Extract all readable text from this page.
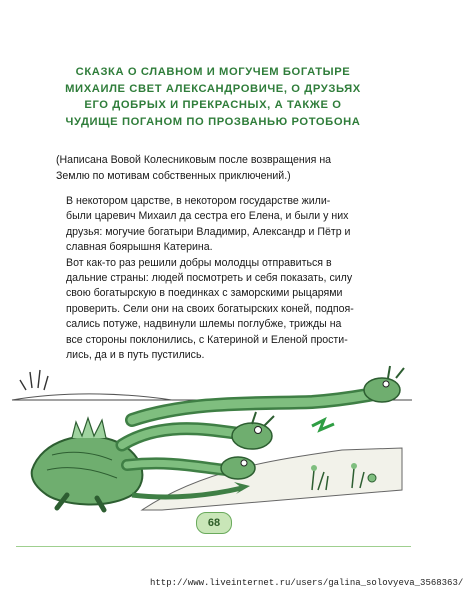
СКАЗКА О СЛАВНОМ И МОГУЧЕМ БОГАТЫРЕ
МИХАИЛЕ СВЕТ АЛЕКСАНДРОВИЧЕ, О ДРУЗЬЯХ
ЕГО ДОБРЫХ И ПРЕКРАСНЫХ, А ТАКЖЕ О
ЧУДИЩЕ ПОГАНОМ ПО ПРОЗВАНЬЮ РОТОБОНА
(Написана Вовой Колесниковым после возвращения на
Землю по мотивам собственных приключений.)

В некотором царстве, в некотором государстве жили-
были царевич Михаил да сестра его Елена, и были у них
друзья: могучие богатыри Владимир, Александр и Пётр и
славная боярышня Катерина.

Вот как-то раз решили добры молодцы отправиться в
дальние страны: людей посмотреть и себя показать, силу
свою богатырскую в поединках с заморскими рыцарями
проверить. Сели они на своих богатырских коней, подпоя-
сались потуже, надвинули шлемы поглубже, трижды на
все стороны поклонились, с Катериной и Еленой прости-
лись, да и в путь пустились.

68
http://www.liveinternet.ru/users/galina_solovyeva_3568363/
